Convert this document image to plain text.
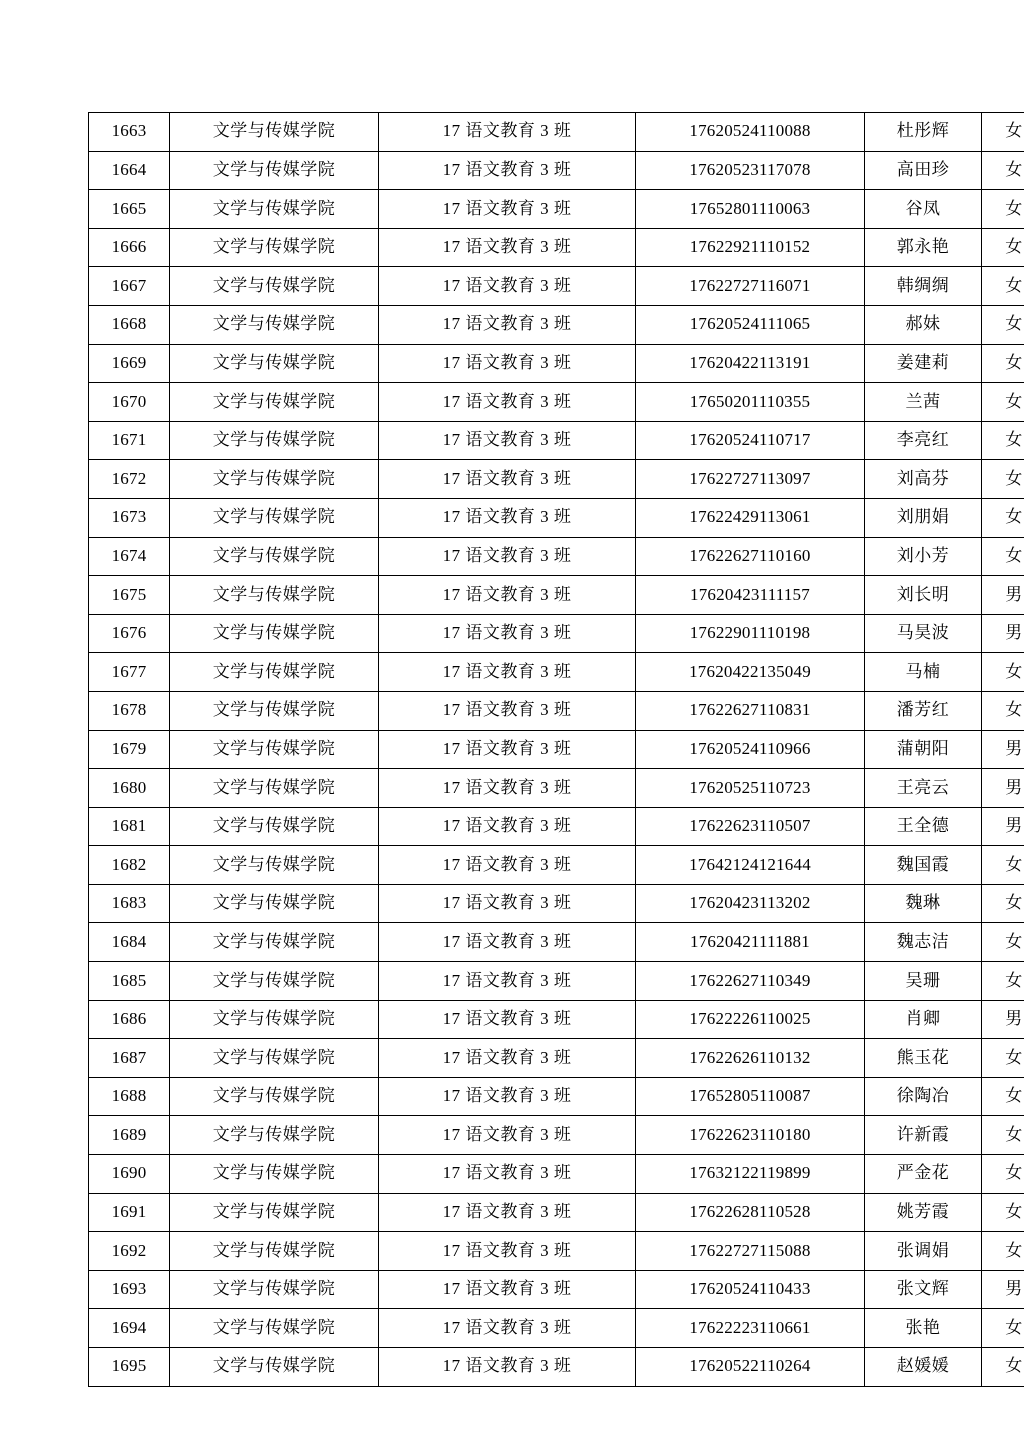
1663	文学与传媒学院	17 语文教育 3 班	17620524110088	杜彤辉	女
1664	文学与传媒学院	17 语文教育 3 班	17620523117078	高田珍	女
1665	文学与传媒学院	17 语文教育 3 班	17652801110063	谷凤	女
1666	文学与传媒学院	17 语文教育 3 班	17622921110152	郭永艳	女
1667	文学与传媒学院	17 语文教育 3 班	17622727116071	韩绸绸	女
1668	文学与传媒学院	17 语文教育 3 班	17620524111065	郝妹	女
1669	文学与传媒学院	17 语文教育 3 班	17620422113191	姜建莉	女
1670	文学与传媒学院	17 语文教育 3 班	17650201110355	兰茜	女
1671	文学与传媒学院	17 语文教育 3 班	17620524110717	李亮红	女
1672	文学与传媒学院	17 语文教育 3 班	17622727113097	刘高芬	女
1673	文学与传媒学院	17 语文教育 3 班	17622429113061	刘朋娟	女
1674	文学与传媒学院	17 语文教育 3 班	17622627110160	刘小芳	女
1675	文学与传媒学院	17 语文教育 3 班	17620423111157	刘长明	男
1676	文学与传媒学院	17 语文教育 3 班	17622901110198	马昊波	男
1677	文学与传媒学院	17 语文教育 3 班	17620422135049	马楠	女
1678	文学与传媒学院	17 语文教育 3 班	17622627110831	潘芳红	女
1679	文学与传媒学院	17 语文教育 3 班	17620524110966	蒲朝阳	男
1680	文学与传媒学院	17 语文教育 3 班	17620525110723	王亮云	男
1681	文学与传媒学院	17 语文教育 3 班	17622623110507	王全德	男
1682	文学与传媒学院	17 语文教育 3 班	17642124121644	魏国霞	女
1683	文学与传媒学院	17 语文教育 3 班	17620423113202	魏琳	女
1684	文学与传媒学院	17 语文教育 3 班	17620421111881	魏志洁	女
1685	文学与传媒学院	17 语文教育 3 班	17622627110349	吴珊	女
1686	文学与传媒学院	17 语文教育 3 班	17622226110025	肖卿	男
1687	文学与传媒学院	17 语文教育 3 班	17622626110132	熊玉花	女
1688	文学与传媒学院	17 语文教育 3 班	17652805110087	徐陶冶	女
1689	文学与传媒学院	17 语文教育 3 班	17622623110180	许新霞	女
1690	文学与传媒学院	17 语文教育 3 班	17632122119899	严金花	女
1691	文学与传媒学院	17 语文教育 3 班	17622628110528	姚芳霞	女
1692	文学与传媒学院	17 语文教育 3 班	17622727115088	张调娟	女
1693	文学与传媒学院	17 语文教育 3 班	17620524110433	张文辉	男
1694	文学与传媒学院	17 语文教育 3 班	17622223110661	张艳	女
1695	文学与传媒学院	17 语文教育 3 班	17620522110264	赵媛媛	女
